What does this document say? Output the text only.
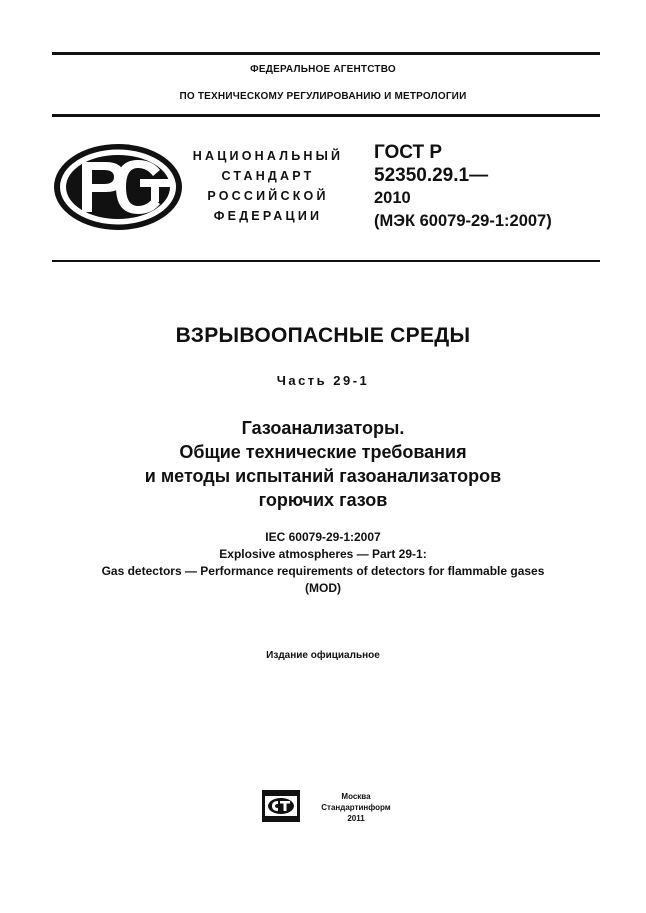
ФЕДЕРАЛЬНОЕ АГЕНТСТВО
ПО ТЕХНИЧЕСКОМУ РЕГУЛИРОВАНИЮ И МЕТРОЛОГИИ
НАЦИОНАЛЬНЫЙ
СТАНДАРТ
РОССИЙСКОЙ
ФЕДЕРАЦИИ
ГОСТ Р
52350.29.1—
2010
(МЭК 60079-29-1:2007)
ВЗРЫВООПАСНЫЕ СРЕДЫ
Часть 29-1
Газоанализаторы.
Общие технические требования
и методы испытаний газоанализаторов
горючих газов
IEC 60079-29-1:2007
Explosive atmospheres — Part 29-1:
Gas detectors — Performance requirements of detectors for flammable gases
(MOD)
Издание официальное
Москва
Стандартинформ
2011
